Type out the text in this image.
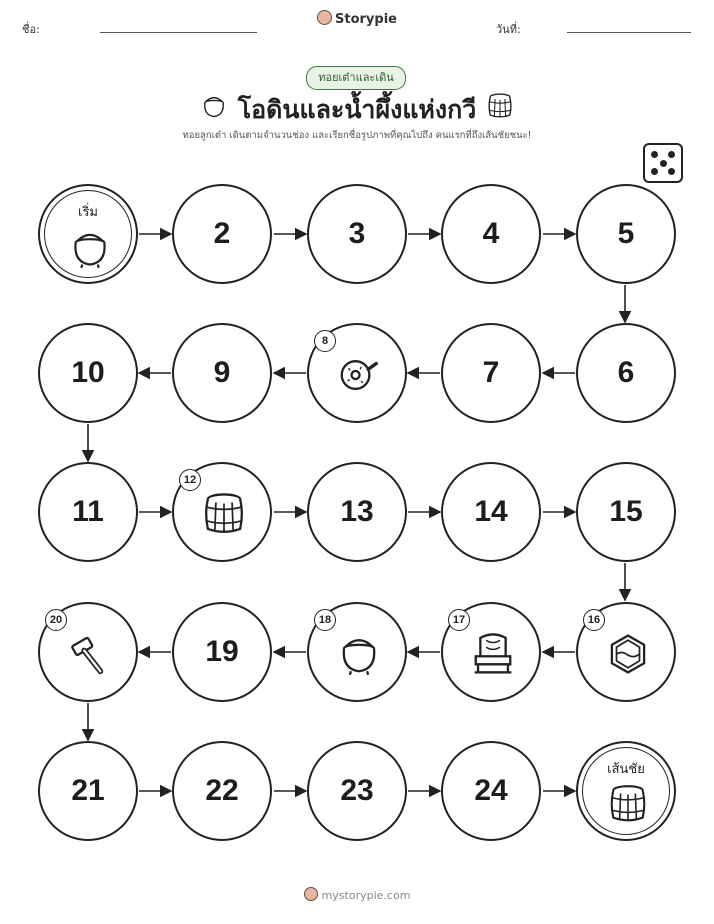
ชื่อ:
Storypie
วันที่:
ทอยเต๋าและเดิน
โอดินและน้ำผึ้งแห่งกวี
ทอยลูกเต๋า เดินตามจำนวนช่อง และเรียกชื่อรูปภาพที่คุณไปถึง คนแรกที่ถึงเส้นชัยชนะ!
เริ่ม
2	3	4	5
10	9
8
7	6
11
12
13	14	15
20
19
18	17	16
21	22	23	24
เส้นชัย
mystorypie.com
